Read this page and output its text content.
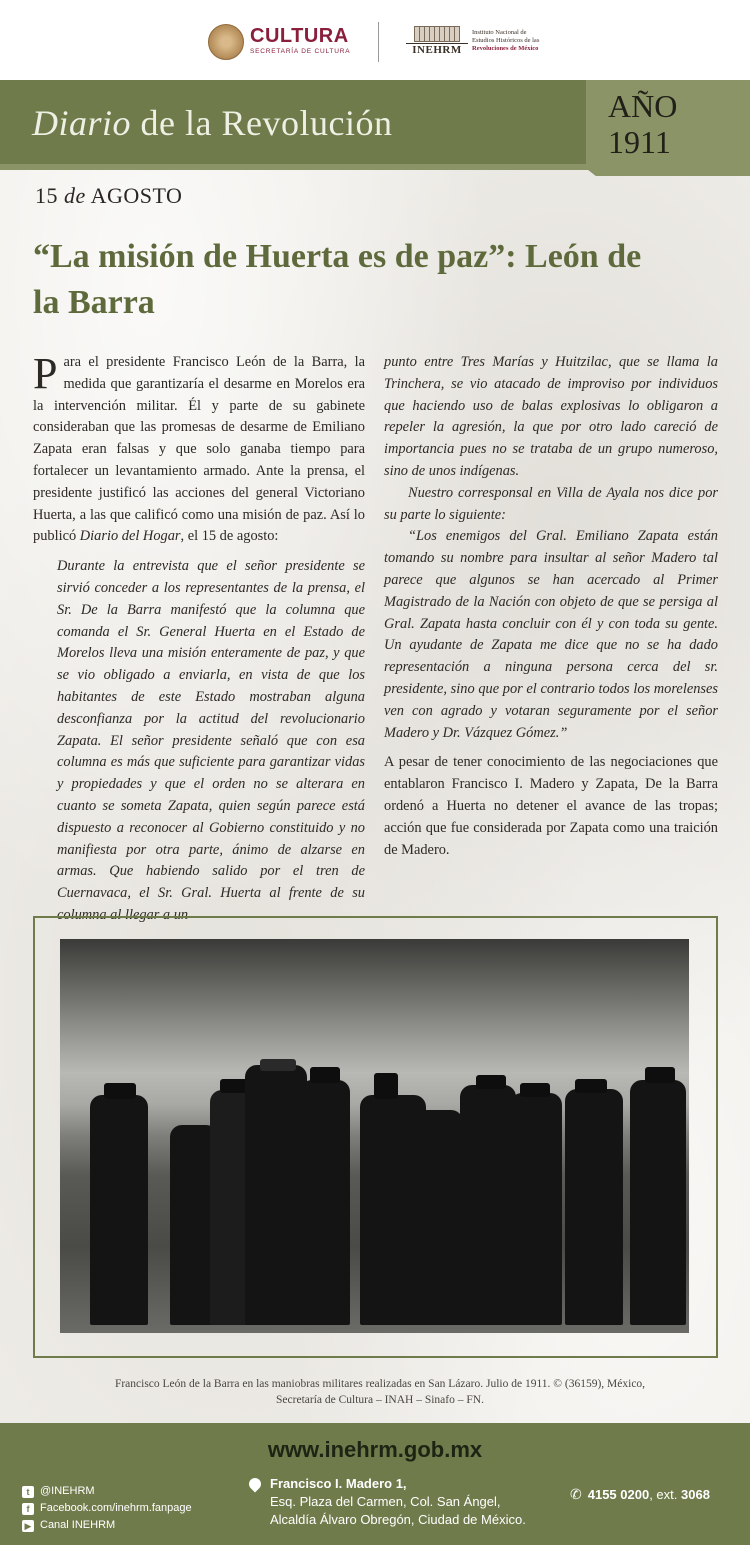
CULTURA
SECRETARÍA DE CULTURA	INEHRM
Instituto Nacional de
Estudios Históricos de las
Revoluciones de México
Diario de la Revolución	AÑO
1911
15 de AGOSTO
“La misión de Huerta es de paz”: León de la Barra

Para el presidente Francisco León de la Barra, la medida que garantizaría el desarme en Morelos era la intervención militar. Él y parte de su gabinete consideraban que las promesas de desarme de Emiliano Zapata eran falsas y que solo ganaba tiempo para fortalecer un levantamiento armado. Ante la prensa, el presidente justificó las acciones del general Victoriano Huerta, a las que calificó como una misión de paz. Así lo publicó Diario del Hogar, el 15 de agosto:

Durante la entrevista que el señor presidente se sirvió conceder a los representantes de la prensa, el Sr. De la Barra manifestó que la columna que comanda el Sr. General Huerta en el Estado de Morelos lleva una misión enteramente de paz, y que se vio obligado a enviarla, en vista de que los habitantes de este Estado mostraban alguna desconfianza por la actitud del revolucionario Zapata. El señor presidente señaló que con esa columna es más que suficiente para garantizar vidas y propiedades y que el orden no se alterara en cuanto se someta Zapata, quien según parece está dispuesto a reconocer al Gobierno constituido y no manifiesta por otra parte, ánimo de alzarse en armas. Que habiendo salido por el tren de Cuernavaca, el Sr. Gral. Huerta al frente de su columna al llegar a un

punto entre Tres Marías y Huitzilac, que se llama la Trinchera, se vio atacado de improviso por individuos que haciendo uso de balas explosivas lo obligaron a repeler la agresión, la que por otro lado careció de importancia pues no se trataba de un grupo numeroso, sino de unos indígenas.

Nuestro corresponsal en Villa de Ayala nos dice por su parte lo siguiente:

“Los enemigos del Gral. Emiliano Zapata están tomando su nombre para insultar al señor Madero tal parece que algunos se han acercado al Primer Magistrado de la Nación con objeto de que se persiga al Gral. Zapata hasta concluir con él y con toda su gente. Un ayudante de Zapata me dice que no se ha dado representación a ninguna persona cerca del sr. presidente, sino que por el contrario todos los morelenses ven con agrado y votaran seguramente por el señor Madero y Dr. Vázquez Gómez.”

A pesar de tener conocimiento de las negociaciones que entablaron Francisco I. Madero y Zapata, De la Barra ordenó a Huerta no detener el avance de las tropas; acción que fue considerada por Zapata como una traición de Madero.

Francisco León de la Barra en las maniobras militares realizadas en San Lázaro. Julio de 1911. © (36159), México,
Secretaría de Cultura – INAH – Sinafo – FN.
www.inehrm.gob.mx
t @INEHRM
f Facebook.com/inehrm.fanpage
▶ Canal INEHRM
Francisco I. Madero 1,
Esq. Plaza del Carmen, Col. San Ángel,
Alcaldía Álvaro Obregón, Ciudad de México.
✆ 4155 0200, ext. 3068
